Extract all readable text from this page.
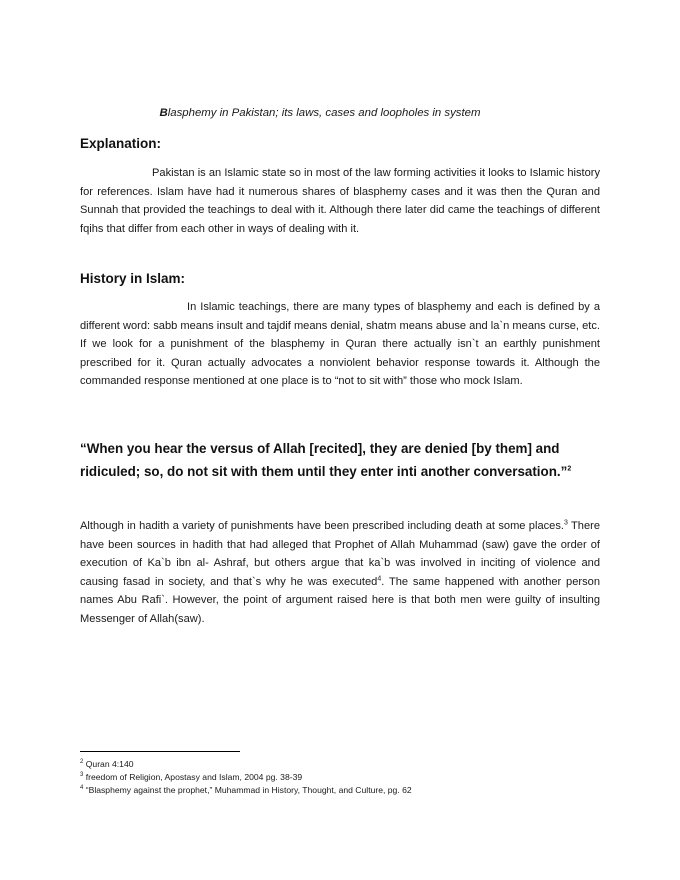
Blasphemy in Pakistan; its laws, cases and loopholes in system
Explanation:

Pakistan is an Islamic state so in most of the law forming activities it looks to Islamic history for references. Islam have had it numerous shares of blasphemy cases and it was then the Quran and Sunnah that provided the teachings to deal with it. Although there later did came the teachings of different fqihs that differ from each other in ways of dealing with it.

History in Islam:

In Islamic teachings, there are many types of blasphemy and each is defined by a different word: sabb means insult and tajdif means denial, shatm means abuse and la`n means curse, etc. If we look for a punishment of the blasphemy in Quran there actually isn`t an earthly punishment prescribed for it. Quran actually advocates a nonviolent behavior response towards it. Although the commanded response mentioned at one place is to “not to sit with” those who mock Islam.

“When you hear the versus of Allah [recited], they are denied [by them] and ridiculed; so, do not sit with them until they enter inti another conversation.”$^2$

Although in hadith a variety of punishments have been prescribed including death at some places.$^3$ There have been sources in hadith that had alleged that Prophet of Allah Muhammad (saw) gave the order of execution of Ka`b ibn al- Ashraf, but others argue that ka`b was involved in inciting of violence and causing fasad in society, and that`s why he was executed$^4$. The same happened with another person names Abu Rafi`. However, the point of argument raised here is that both men were guilty of insulting Messenger of Allah(saw).

$^2$ Quran 4:140
$^3$ freedom of Religion, Apostasy and Islam, 2004 pg. 38-39
$^4$ “Blasphemy against the prophet,” Muhammad in History, Thought, and Culture, pg. 62
